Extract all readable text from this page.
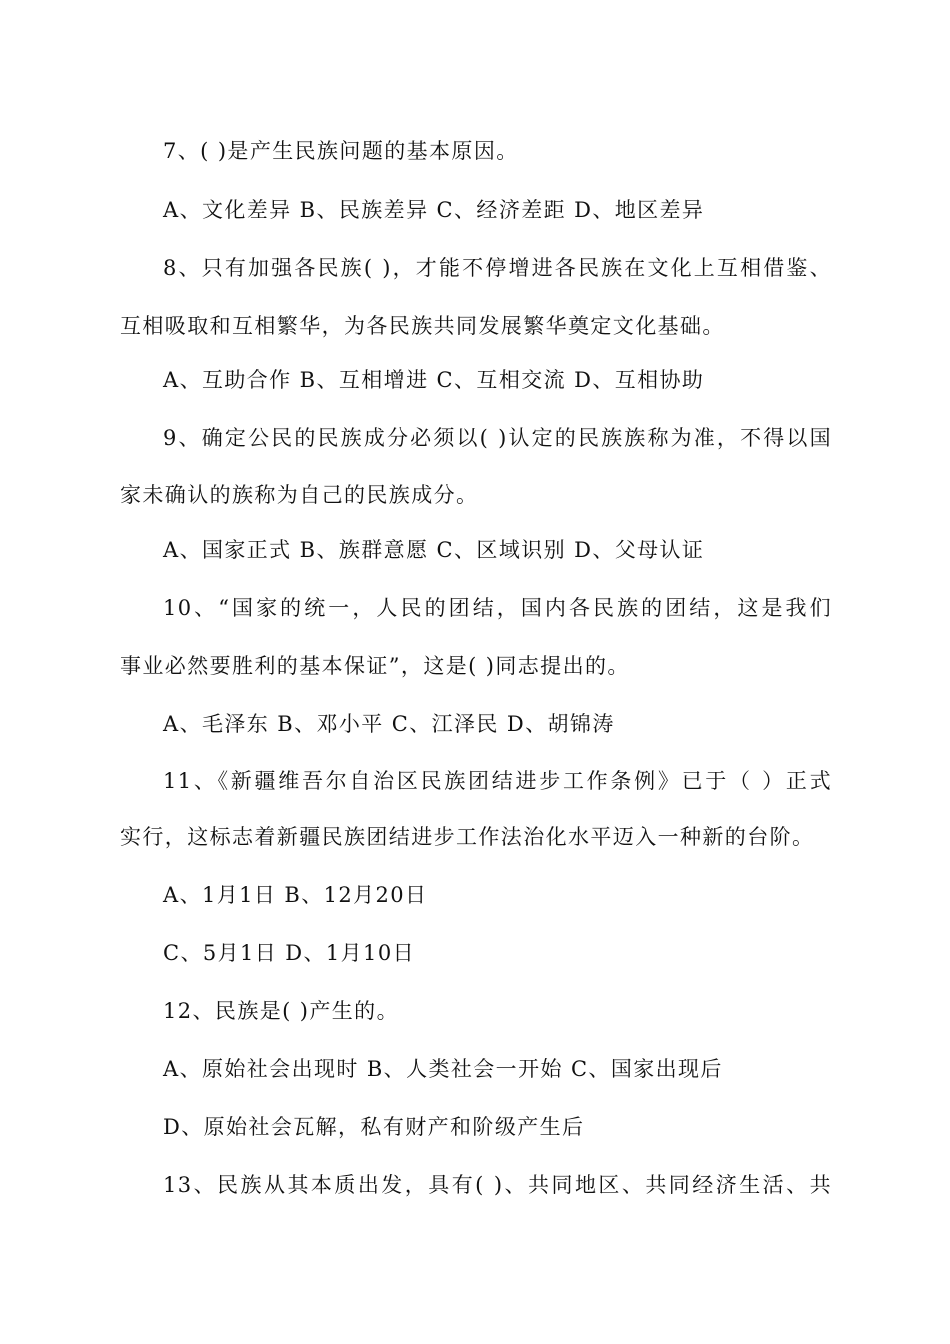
7、( )是产生民族问题的基本原因。
A、文化差异 B、民族差异 C、经济差距 D、地区差异
8、只有加强各民族( )，才能不停增进各民族在文化上互相借鉴、
互相吸取和互相繁华，为各民族共同发展繁华奠定文化基础。
A、互助合作 B、互相增进 C、互相交流 D、互相协助
9、确定公民的民族成分必须以( )认定的民族族称为准，不得以国
家未确认的族称为自己的民族成分。
A、国家正式 B、族群意愿 C、区域识别 D、父母认证
10、“国家的统一，人民的团结，国内各民族的团结，这是我们
事业必然要胜利的基本保证”，这是( )同志提出的。
A、毛泽东 B、邓小平 C、江泽民 D、胡锦涛
11、《新疆维吾尔自治区民族团结进步工作条例》已于（ ）正式
实行，这标志着新疆民族团结进步工作法治化水平迈入一种新的台阶。
A、1月1日 B、12月20日
C、5月1日 D、1月10日
12、民族是( )产生的。
A、原始社会出现时 B、人类社会一开始 C、国家出现后
D、原始社会瓦解，私有财产和阶级产生后
13、民族从其本质出发，具有( )、共同地区、共同经济生活、共
